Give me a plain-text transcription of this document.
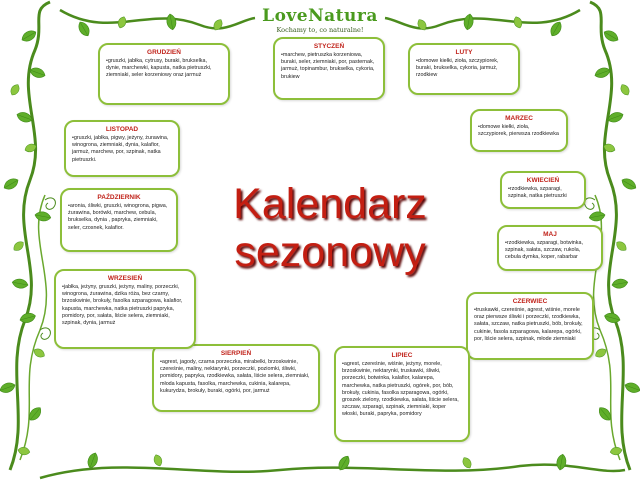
LoveNatura
Kochamy to, co naturalne!
Kalendarz
sezonowy
STYCZEŃ
•marchew, pietruszka korzeniowa, buraki, seler, ziemniaki, por, pasternak, jarmuż, topinambur, brukselka, cykoria, brukiew
LUTY
•domowe kiełki, zioła, szczypiorek, buraki, brukselka, cykoria, jarmuż, rzodkiew
MARZEC
•domowe kiełki, zioła, szczypiorek, pierwsza rzodkiewka
KWIECIEŃ
•rzodkiewka, szparagi, szpinak, natka pietruszki
MAJ
•rzodkiewka, szparagi, botwinka, szpinak, sałata, szczaw, rukola, cebula dymka, koper, rabarbar
CZERWIEC
•truskawki, czereśnie, agrest, wiśnie, morele oraz pierwsze śliwki i porzeczki, rzodkiewka, sałata, szczaw, natka pietruszki, bób, brokuły, cukinie, fasola szparagowa, kalarepa, ogórki, por, liście selera, szpinak, młode ziemniaki
LIPIEC
•agrest, czereśnie, wiśnie, jeżyny, morele, brzoskwinie, nektarynki, truskawki, śliwki, porzeczki, botwinka, kalafior, kalarepa, marchewka, natka pietruszki, ogórek, por, bób, brokuły, cukinia, fasolka szparagowa, ogórki, groszek zielony, rzodkiewka, sałata, liście selera, szczaw, szparagi, szpinak, ziemniaki, koper włoski, buraki, papryka, pomidory
SIERPIEŃ
•agrest, jagody, czarna porzeczka, mirabelki, brzoskwinie, czereśnie, maliny, nektarynki, porzeczki, poziomki, śliwki, pomidory, papryka, rzodkiewka, sałata, liście selera, ziemniaki, młoda kapusta, fasolka, marchewka, cukinia, kalarepa, kukurydza, brokuły, buraki, ogórki, por, jarmuż
WRZESIEŃ
•jabłka, jeżyny, gruszki, jeżyny, maliny, porzeczki, winogrona, żurawina, dzika róża, bez czarny, brzoskwinie, brokuły, fasolka szparagowa, kalafior, kapusta, marchewka, natka pietruszki papryka, pomidory, por, sałata, liście selera, ziemniaki, szpinak, dynia, jarmuż
PAŹDZIERNIK
•aronia, śliwki, gruszki, winogrona, pigwa, żurawina, borówki, marchew, cebula, brukselka, dynia , papryka, ziemniaki, seler, czosnek, kalafior.
LISTOPAD
•gruszki, jabłka, pigwy, jeżyny, żurawina, winogrona, ziemniaki, dynia, kalafior, jarmuż, marchew, por, szpinak, natka pietruszki.
GRUDZIEŃ
•gruszki, jabłka, cytrusy, buraki, brukselka, dynie, marchewki, kapusta, natka pietruszki, ziemniaki, seler korzeniowy oraz jarmuż
